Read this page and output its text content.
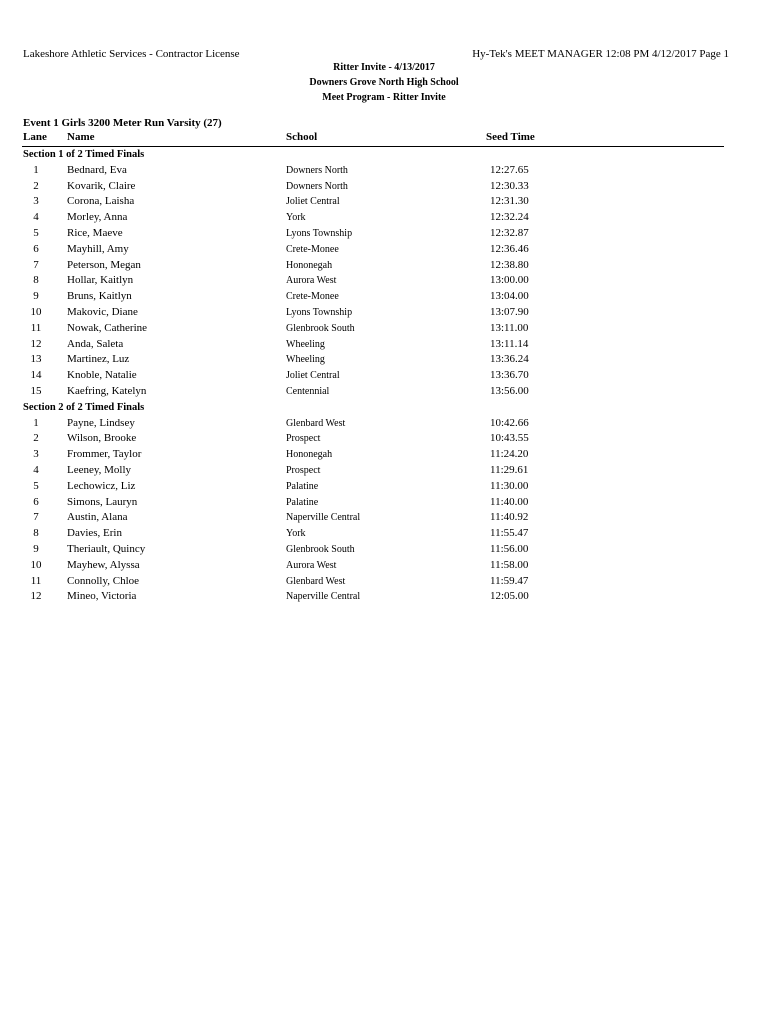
Lakeshore Athletic Services - Contractor License	Hy-Tek's MEET MANAGER 12:08 PM 4/12/2017 Page 1
Ritter Invite - 4/13/2017
Downers Grove North High School
Meet Program - Ritter Invite
Event 1 Girls 3200 Meter Run Varsity (27)
Lane Name	School	Seed Time
Section 1 of 2 Timed Finals
1	Bednard, Eva	Downers North	12:27.65
2	Kovarik, Claire	Downers North	12:30.33
3	Corona, Laisha	Joliet Central	12:31.30
4	Morley, Anna	York	12:32.24
5	Rice, Maeve	Lyons Township	12:32.87
6	Mayhill, Amy	Crete-Monee	12:36.46
7	Peterson, Megan	Hononegah	12:38.80
8	Hollar, Kaitlyn	Aurora West	13:00.00
9	Bruns, Kaitlyn	Crete-Monee	13:04.00
10 Makovic, Diane	Lyons Township	13:07.90
11 Nowak, Catherine	Glenbrook South	13:11.00
12 Anda, Saleta	Wheeling	13:11.14
13 Martinez, Luz	Wheeling	13:36.24
14 Knoble, Natalie	Joliet Central	13:36.70
15 Kaefring, Katelyn	Centennial	13:56.00
Section 2 of 2 Timed Finals
1	Payne, Lindsey	Glenbard West	10:42.66
2	Wilson, Brooke	Prospect	10:43.55
3	Frommer, Taylor	Hononegah	11:24.20
4	Leeney, Molly	Prospect	11:29.61
5	Lechowicz, Liz	Palatine	11:30.00
6	Simons, Lauryn	Palatine	11:40.00
7	Austin, Alana	Naperville Central	11:40.92
8	Davies, Erin	York	11:55.47
9	Theriault, Quincy	Glenbrook South	11:56.00
10 Mayhew, Alyssa	Aurora West	11:58.00
11 Connolly, Chloe	Glenbard West	11:59.47
12 Mineo, Victoria	Naperville Central	12:05.00
